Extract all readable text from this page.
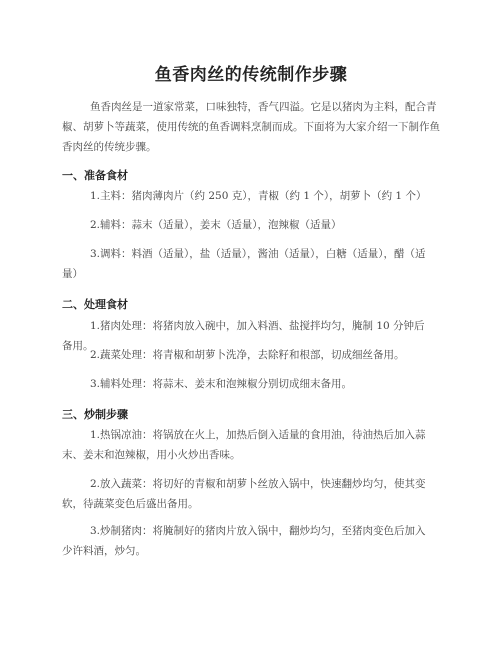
鱼香肉丝的传统制作步骤
鱼香肉丝是一道家常菜，口味独特，香气四溢。它是以猪肉为主料，配合青椒、胡萝卜等蔬菜，使用传统的鱼香调料烹制而成。下面将为大家介绍一下制作鱼香肉丝的传统步骤。
一、准备食材
1.主料：猪肉薄肉片（约 250 克），青椒（约 1 个），胡萝卜（约 1 个）
2.辅料：蒜末（适量），姜末（适量），泡辣椒（适量）
3.调料：料酒（适量），盐（适量），酱油（适量），白糖（适量），醋（适量）
二、处理食材
1.猪肉处理：将猪肉放入碗中，加入料酒、盐搅拌均匀，腌制 10 分钟后备用。
2.蔬菜处理：将青椒和胡萝卜洗净，去除籽和根部，切成细丝备用。
3.辅料处理：将蒜末、姜末和泡辣椒分别切成细末备用。
三、炒制步骤
1.热锅凉油：将锅放在火上，加热后倒入适量的食用油，待油热后加入蒜末、姜末和泡辣椒，用小火炒出香味。
2.放入蔬菜：将切好的青椒和胡萝卜丝放入锅中，快速翻炒均匀，使其变软，待蔬菜变色后盛出备用。
3.炒制猪肉：将腌制好的猪肉片放入锅中，翻炒均匀，至猪肉变色后加入少许料酒，炒匀。
